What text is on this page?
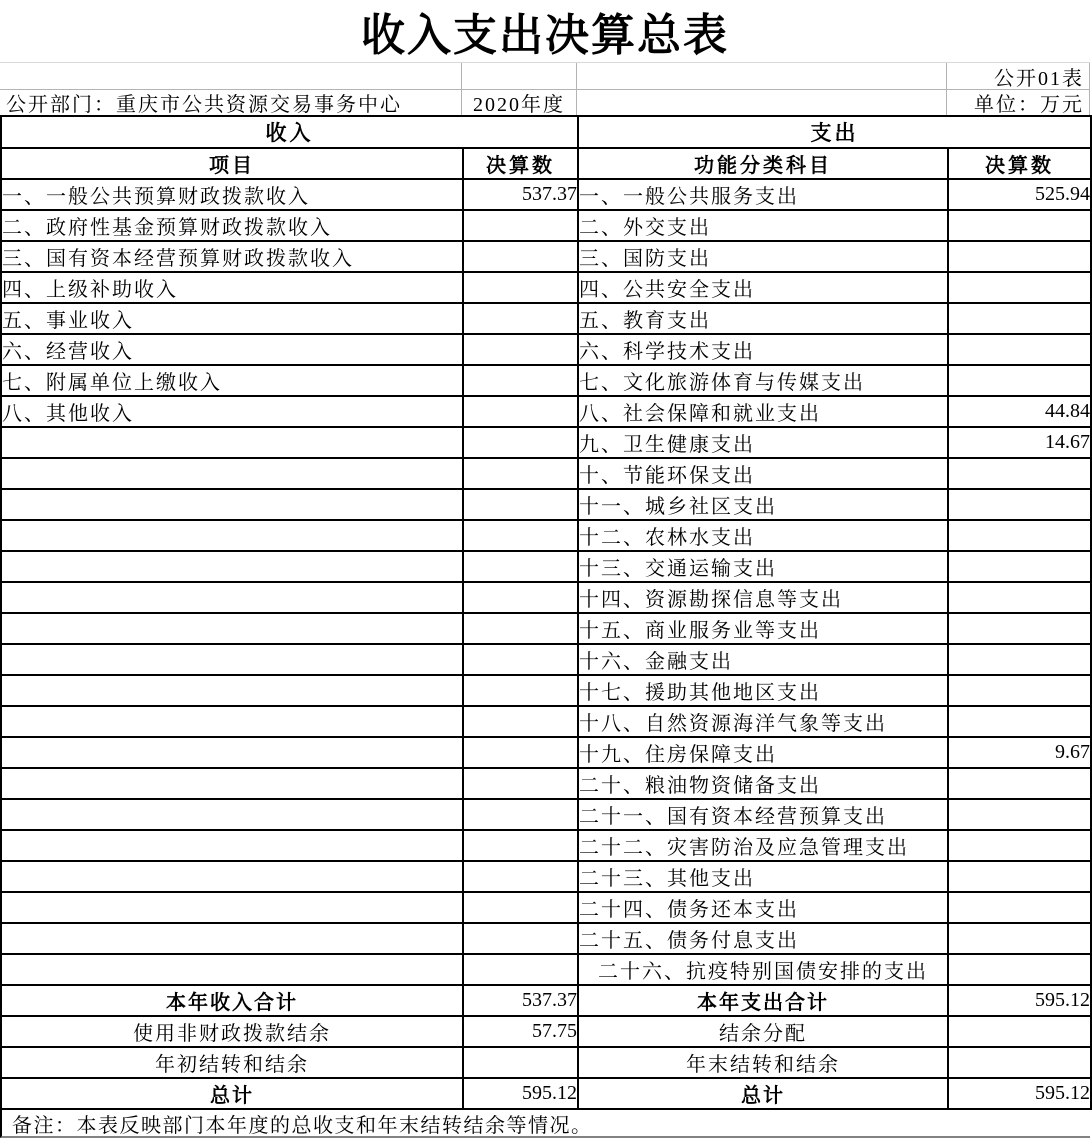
收入支出决算总表
公开01表
公开部门：重庆市公共资源交易事务中心	2020年度	单位：万元
收入		支出	
项目	决算数	功能分类科目	决算数
一、一般公共预算财政拨款收入	537.37	一、一般公共服务支出	525.94
二、政府性基金预算财政拨款收入		二、外交支出	
三、国有资本经营预算财政拨款收入		三、国防支出	
四、上级补助收入		四、公共安全支出	
五、事业收入		五、教育支出	
六、经营收入		六、科学技术支出	
七、附属单位上缴收入		七、文化旅游体育与传媒支出	
八、其他收入		八、社会保障和就业支出	44.84
		九、卫生健康支出	14.67
		十、节能环保支出	
		十一、城乡社区支出	
		十二、农林水支出	
		十三、交通运输支出	
		十四、资源勘探信息等支出	
		十五、商业服务业等支出	
		十六、金融支出	
		十七、援助其他地区支出	
		十八、自然资源海洋气象等支出	
		十九、住房保障支出	9.67
		二十、粮油物资储备支出	
		二十一、国有资本经营预算支出	
		二十二、灾害防治及应急管理支出	
		二十三、其他支出	
		二十四、债务还本支出	
		二十五、债务付息支出	
		二十六、抗疫特别国债安排的支出	
本年收入合计	537.37	本年支出合计	595.12
使用非财政拨款结余	57.75	结余分配	
年初结转和结余		年末结转和结余	
总计	595.12	总计	595.12
备注：本表反映部门本年度的总收支和年末结转结余等情况。
